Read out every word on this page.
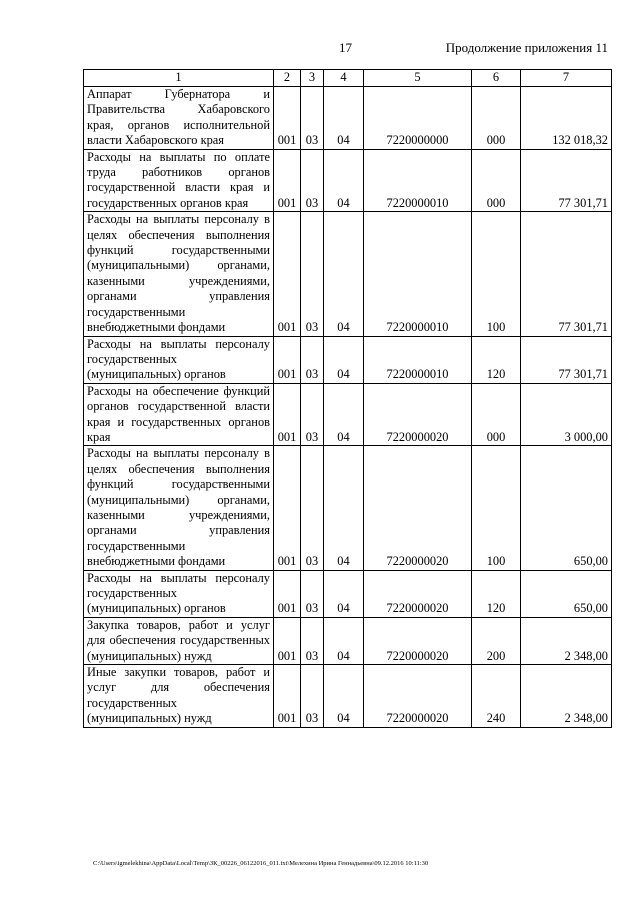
17	Продолжение приложения 11
1	2	3	4	5	6	7
Аппарат Губернатора и Правительства Хабаровского края, органов исполнительной власти Хабаровского края	001	03	04	7220000000	000	132 018,32
Расходы на выплаты по оплате труда работников органов государственной власти края и государственных органов края	001	03	04	7220000010	000	77 301,71
Расходы на выплаты персоналу в целях обеспечения выполнения функций государственными (муниципальными) органами, казенными учреждениями, органами управления государственными внебюджетными фондами	001	03	04	7220000010	100	77 301,71
Расходы на выплаты персоналу государственных (муниципальных) органов	001	03	04	7220000010	120	77 301,71
Расходы на обеспечение функций органов государственной власти края и государственных органов края	001	03	04	7220000020	000	3 000,00
Расходы на выплаты персоналу в целях обеспечения выполнения функций государственными (муниципальными) органами, казенными учреждениями, органами управления государственными внебюджетными фондами	001	03	04	7220000020	100	650,00
Расходы на выплаты персоналу государственных (муниципальных) органов	001	03	04	7220000020	120	650,00
Закупка товаров, работ и услуг для обеспечения государственных (муниципальных) нужд	001	03	04	7220000020	200	2 348,00
Иные закупки товаров, работ и услуг для обеспечения государственных (муниципальных) нужд	001	03	04	7220000020	240	2 348,00
C:\Users\igmelekhina\AppData\Local\Temp\ЗК_00226_06122016_011.txt\Мелехина Ирина Геннадьевна\09.12.2016 10:11:30
